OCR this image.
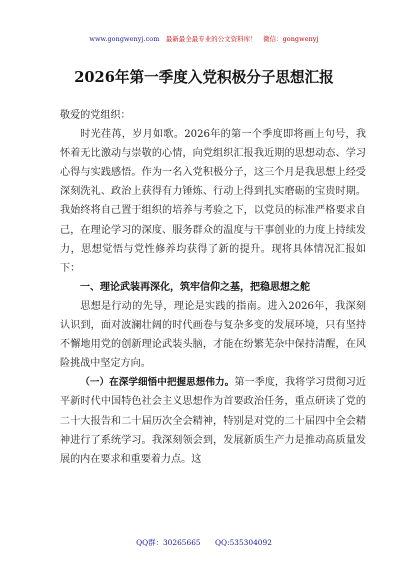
www.gongwenyj.com 最新最全最专业的公文资料库！ 微信：gongwenyj
2026年第一季度入党积极分子思想汇报

敬爱的党组织：

时光荏苒，岁月如歌。2026年的第一个季度即将画上句号，我怀着无比激动与崇敬的心情，向党组织汇报我近期的思想动态、学习心得与实践感悟。作为一名入党积极分子，这三个月是我思想上经受深刻洗礼、政治上获得有力锤炼、行动上得到扎实磨砺的宝贵时期。我始终将自己置于组织的培养与考验之下，以党员的标准严格要求自己，在理论学习的深度、服务群众的温度与干事创业的力度上持续发力，思想觉悟与党性修养均获得了新的提升。现将具体情况汇报如下：

一、理论武装再深化，筑牢信仰之基，把稳思想之舵

思想是行动的先导，理论是实践的指南。进入2026年，我深刻认识到，面对波澜壮阔的时代画卷与复杂多变的发展环境，只有坚持不懈地用党的创新理论武装头脑，才能在纷繁芜杂中保持清醒，在风险挑战中坚定方向。

（一）在深学细悟中把握思想伟力。第一季度，我将学习贯彻习近平新时代中国特色社会主义思想作为首要政治任务，重点研读了党的二十大报告和二十届历次全会精神，特别是对党的二十届四中全会精神进行了系统学习。我深刻领会到，发展新质生产力是推动高质量发展的内在要求和重要着力点。这

QQ群：30265665 QQ:535304092
